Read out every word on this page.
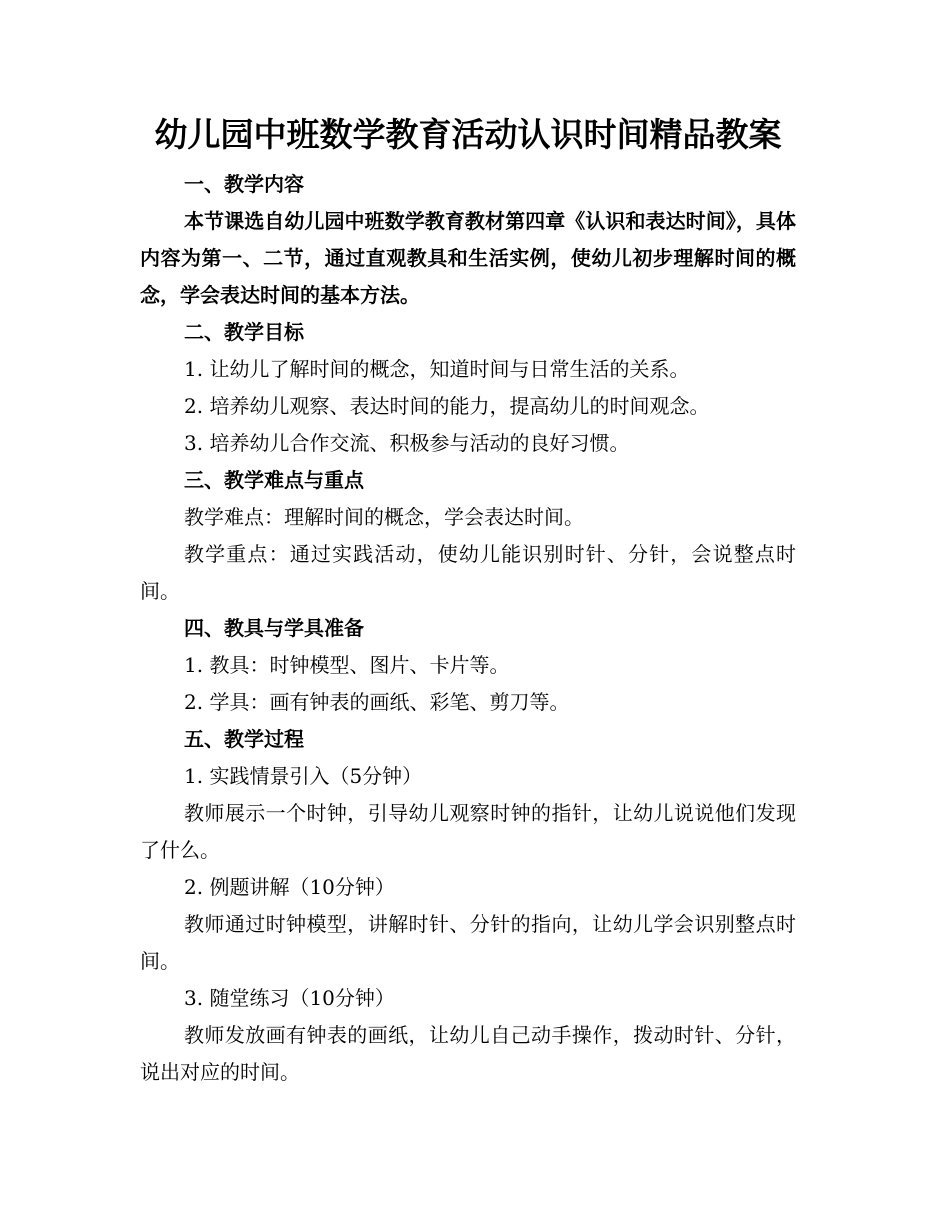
幼儿园中班数学教育活动认识时间精品教案

一、教学内容

本节课选自幼儿园中班数学教育教材第四章《认识和表达时间》，具体内容为第一、二节，通过直观教具和生活实例，使幼儿初步理解时间的概念，学会表达时间的基本方法。

二、教学目标

1. 让幼儿了解时间的概念，知道时间与日常生活的关系。

2. 培养幼儿观察、表达时间的能力，提高幼儿的时间观念。

3. 培养幼儿合作交流、积极参与活动的良好习惯。

三、教学难点与重点

教学难点：理解时间的概念，学会表达时间。

教学重点：通过实践活动，使幼儿能识别时针、分针，会说整点时间。

四、教具与学具准备

1. 教具：时钟模型、图片、卡片等。

2. 学具：画有钟表的画纸、彩笔、剪刀等。

五、教学过程

1. 实践情景引入（5分钟）

教师展示一个时钟，引导幼儿观察时钟的指针，让幼儿说说他们发现了什么。

2. 例题讲解（10分钟）

教师通过时钟模型，讲解时针、分针的指向，让幼儿学会识别整点时间。

3. 随堂练习（10分钟）

教师发放画有钟表的画纸，让幼儿自己动手操作，拨动时针、分针，说出对应的时间。
